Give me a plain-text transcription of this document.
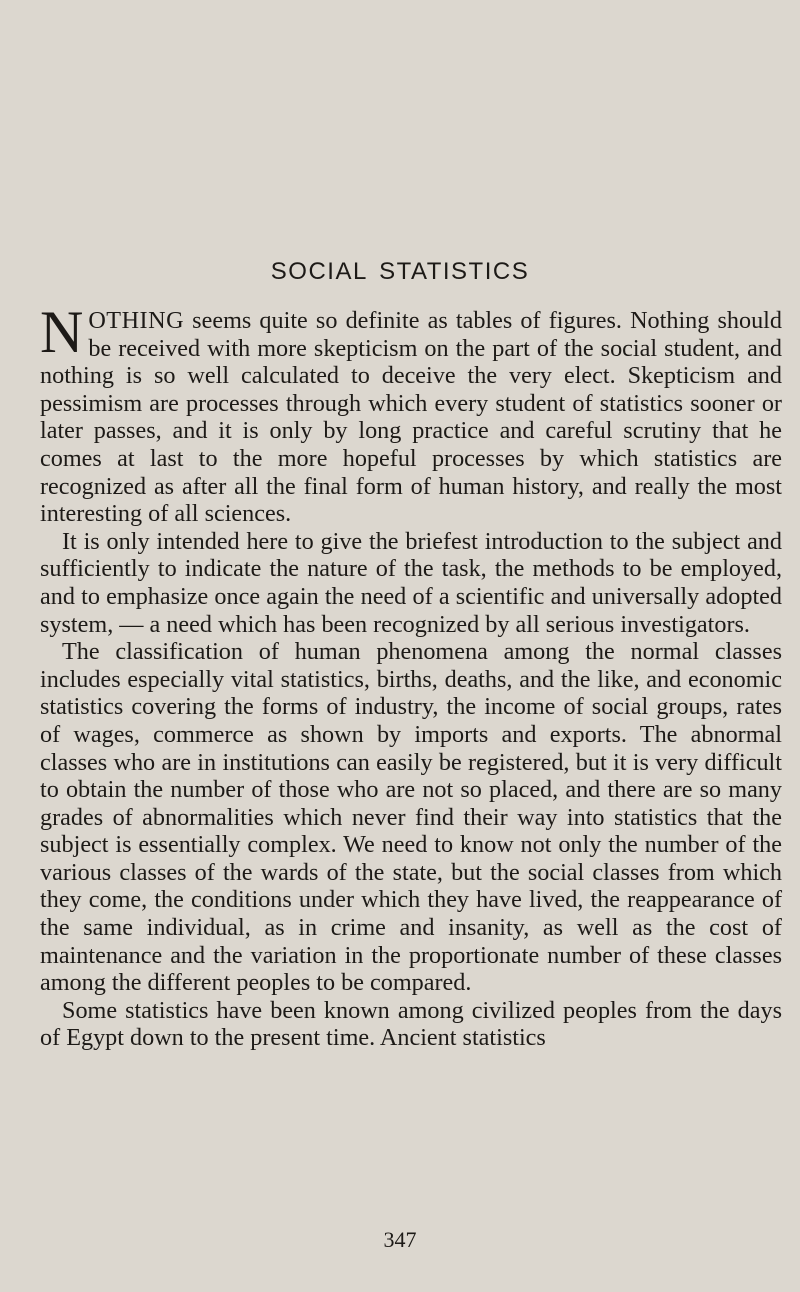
SOCIAL STATISTICS

NOTHING seems quite so definite as tables of figures. Nothing should be received with more skepticism on the part of the social student, and nothing is so well calculated to deceive the very elect. Skepticism and pessimism are processes through which every student of statistics sooner or later passes, and it is only by long practice and careful scrutiny that he comes at last to the more hopeful processes by which statistics are recognized as after all the final form of human history, and really the most interesting of all sciences.

It is only intended here to give the briefest introduction to the subject and sufficiently to indicate the nature of the task, the methods to be employed, and to emphasize once again the need of a scientific and universally adopted system, — a need which has been recognized by all serious investigators.

The classification of human phenomena among the normal classes includes especially vital statistics, births, deaths, and the like, and economic statistics covering the forms of industry, the income of social groups, rates of wages, commerce as shown by imports and exports. The abnormal classes who are in institutions can easily be registered, but it is very difficult to obtain the number of those who are not so placed, and there are so many grades of abnormalities which never find their way into statistics that the subject is essentially complex. We need to know not only the number of the various classes of the wards of the state, but the social classes from which they come, the conditions under which they have lived, the reappearance of the same individual, as in crime and insanity, as well as the cost of maintenance and the variation in the proportionate number of these classes among the different peoples to be compared.

Some statistics have been known among civilized peoples from the days of Egypt down to the present time. Ancient statistics

347
